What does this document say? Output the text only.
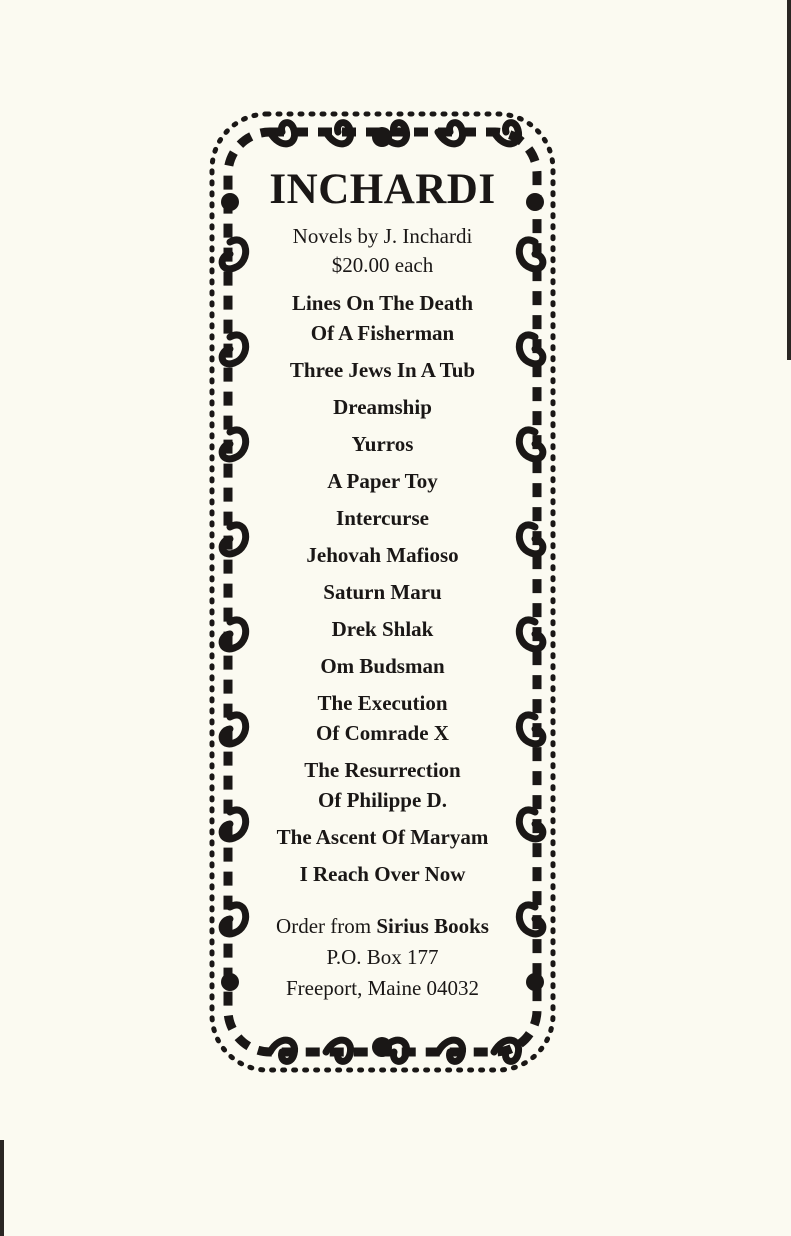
INCHARDI
Novels by J. Inchardi
$20.00 each
Lines On The Death
Of A Fisherman
Three Jews In A Tub
Dreamship
Yurros
A Paper Toy
Intercurse
Jehovah Mafioso
Saturn Maru
Drek Shlak
Om Budsman
The Execution
Of Comrade X
The Resurrection
Of Philippe D.
The Ascent Of Maryam
I Reach Over Now
Order from Sirius Books
P.O. Box 177
Freeport, Maine 04032
